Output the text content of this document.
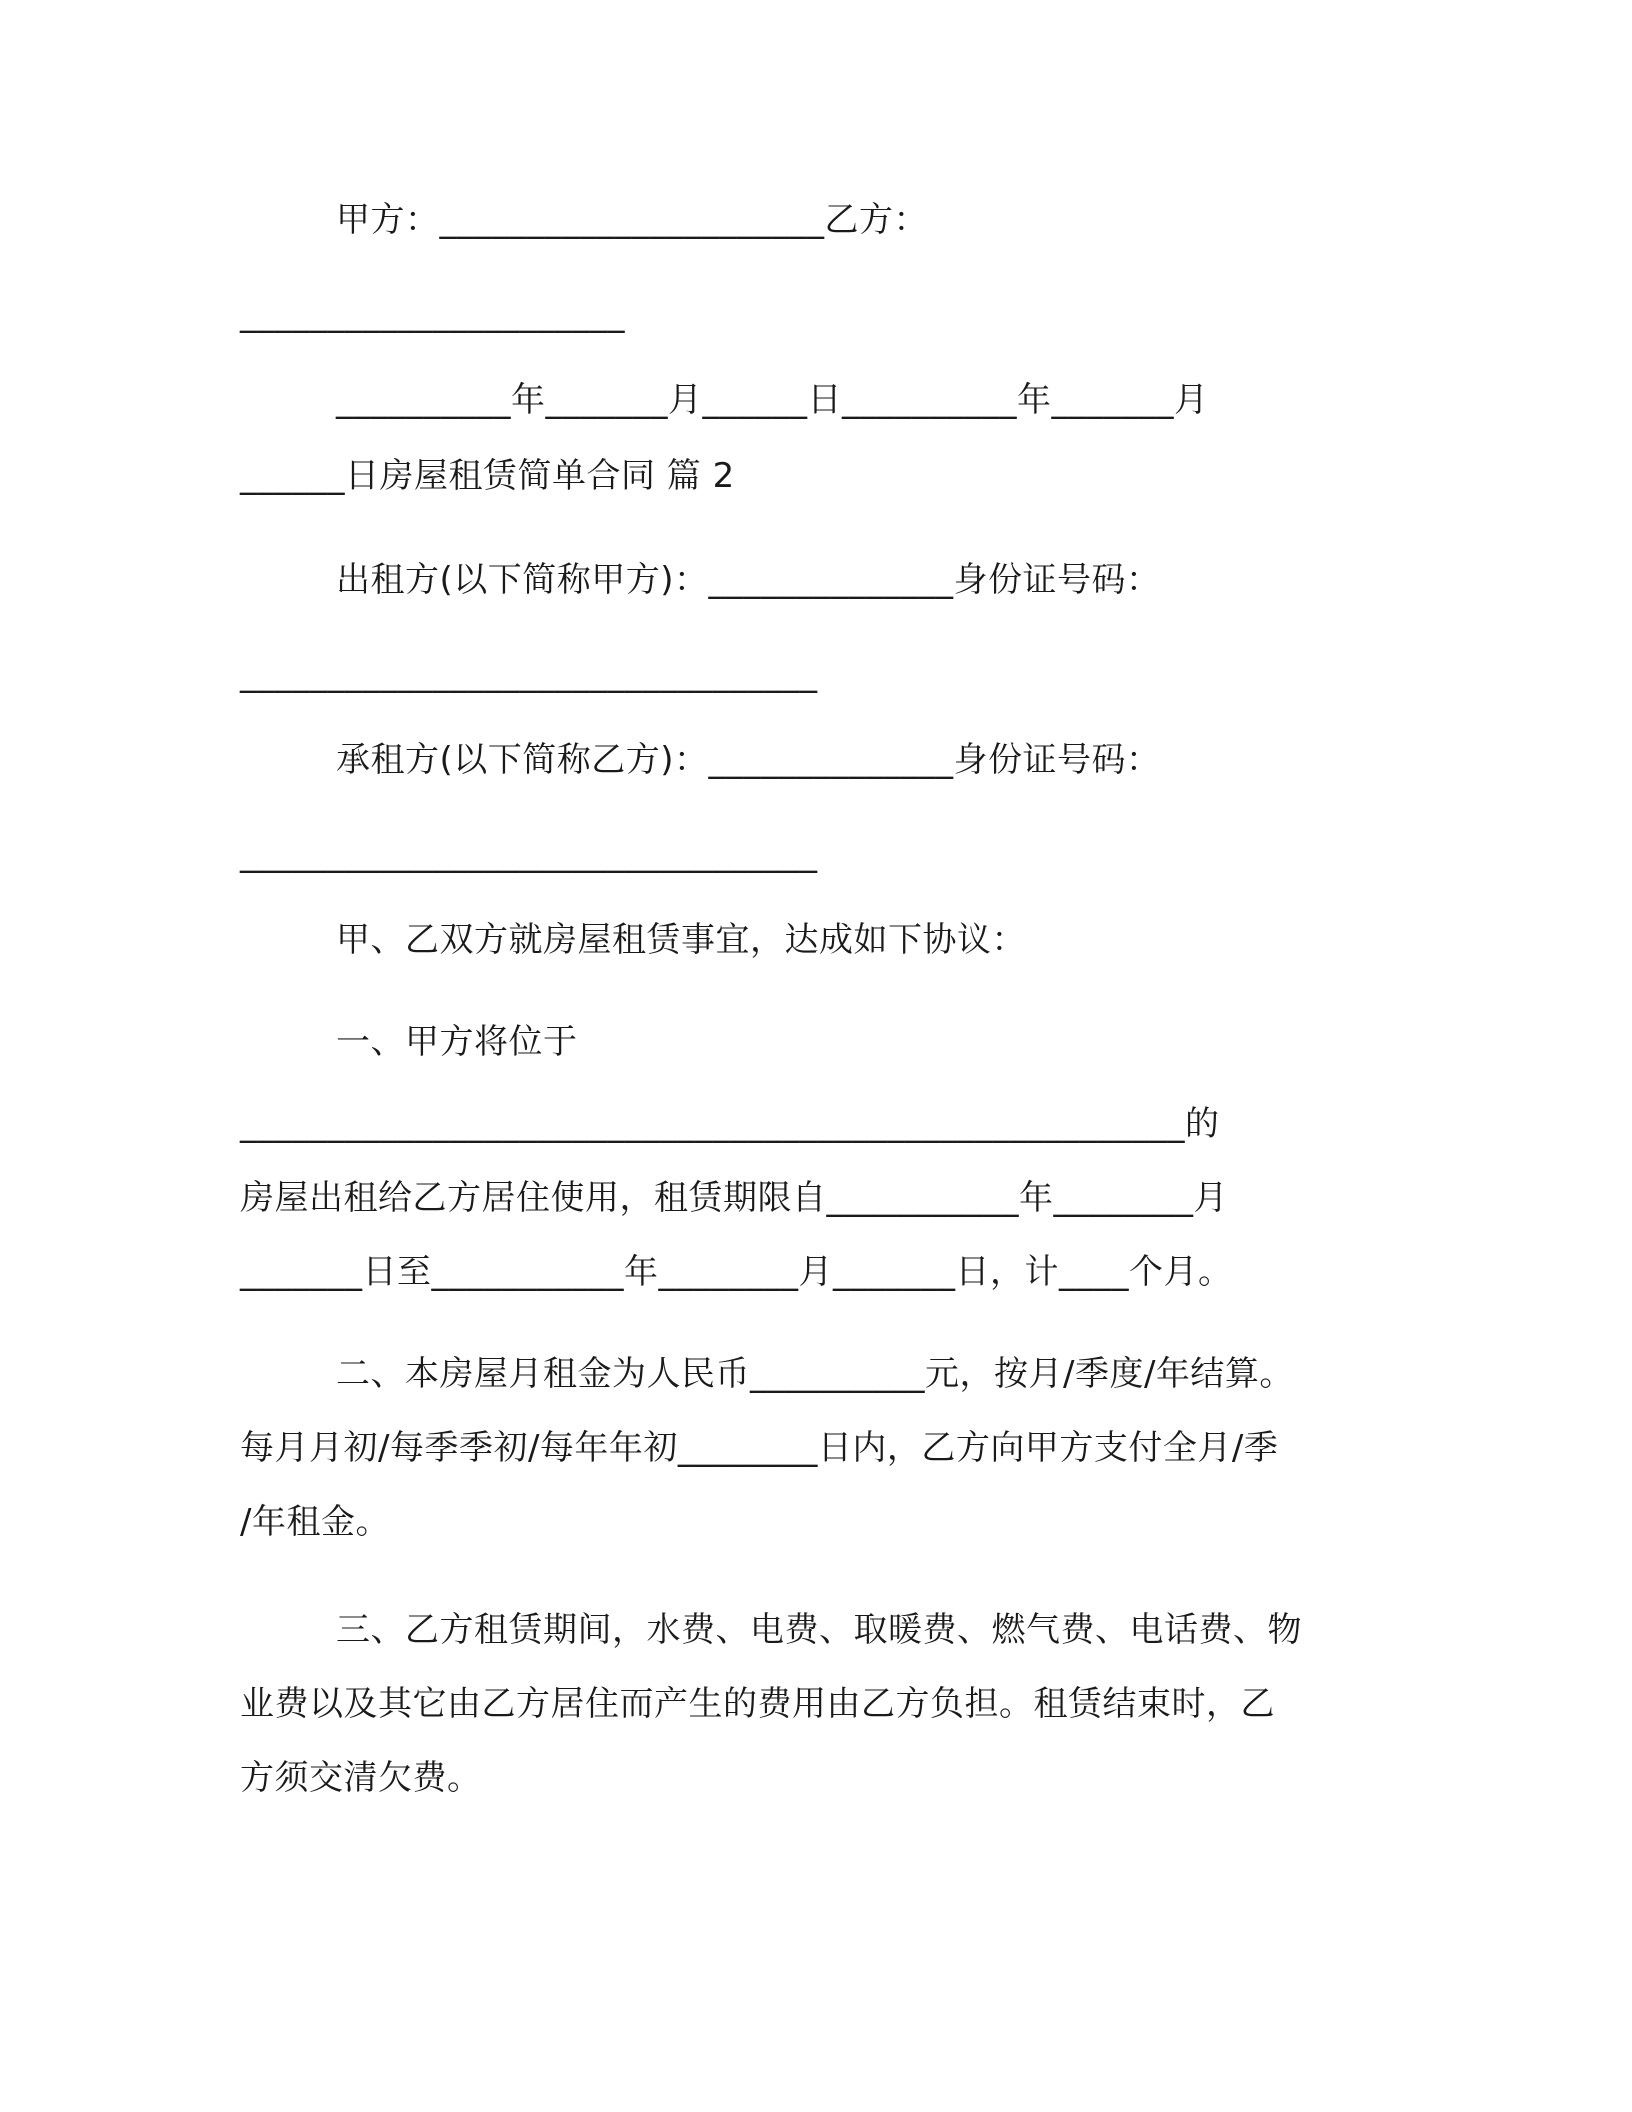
甲方：______________________乙方：
______________________
__________年_______月______日__________年_______月
______日房屋租赁简单合同 篇 2
出租方(以下简称甲方)：______________身份证号码：
_________________________________
承租方(以下简称乙方)：______________身份证号码：
_________________________________
甲、乙双方就房屋租赁事宜，达成如下协议：
一、甲方将位于
______________________________________________________的
房屋出租给乙方居住使用，租赁期限自___________年________月
_______日至___________年________月_______日，计____个月。
二、本房屋月租金为人民币__________元，按月/季度/年结算。
每月月初/每季季初/每年年初________日内，乙方向甲方支付全月/季
/年租金。
三、乙方租赁期间，水费、电费、取暖费、燃气费、电话费、物
业费以及其它由乙方居住而产生的费用由乙方负担。租赁结束时，乙
方须交清欠费。
